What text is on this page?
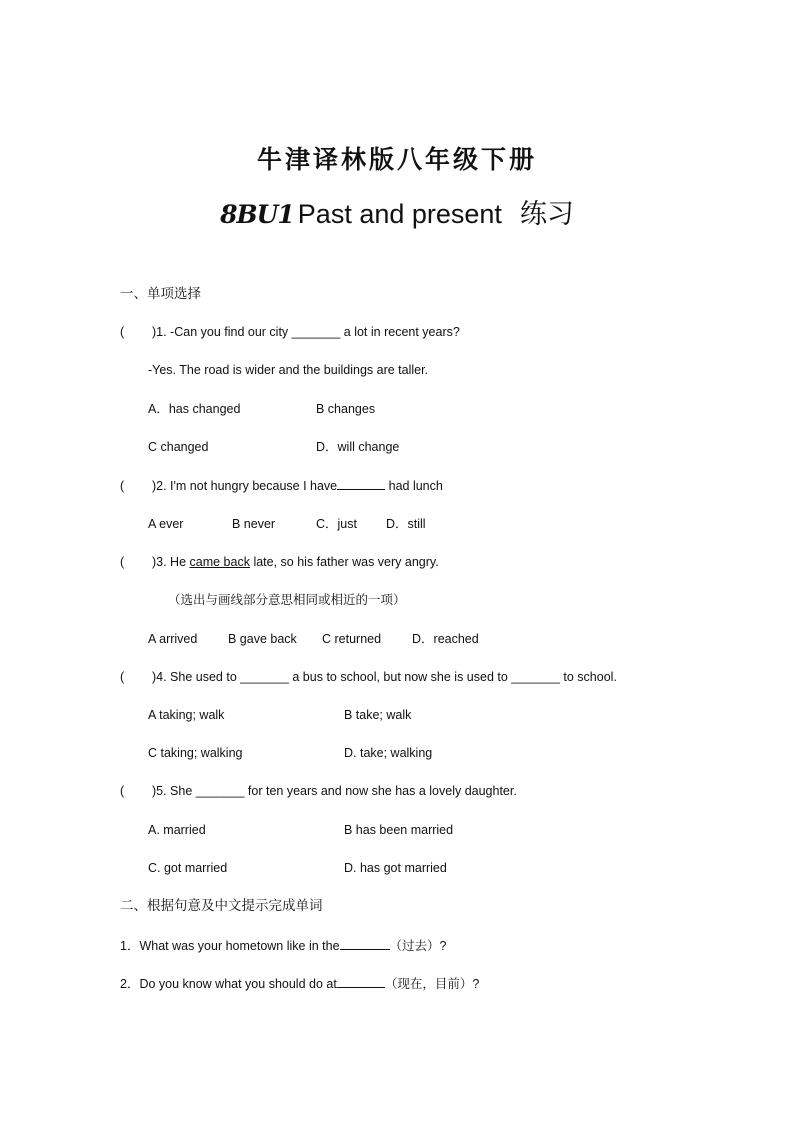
牛津译林版八年级下册
8BU1 Past and present 练习
一、单项选择
( )1. -Can you find our city _______ a lot in recent years?
-Yes. The road is wider and the buildings are taller.
A．has changed	B changes
C changed	D．will change
( )2. I'm not hungry because I have	had lunch
A ever	B never	C．just D．still
( )3. He came back late, so his father was very angry.
（选出与画线部分意思相同或相近的一项）
A arrived B gave back C returned D．reached
( )4. She used to _______ a bus to school, but now she is used to _______ to school.
A taking; walk	B take; walk
C taking; walking	D. take; walking
( )5. She _______ for ten years and now she has a lovely daughter.
A. married	B has been married
C. got married	D. has got married
二、根据句意及中文提示完成单词
1．What was your hometown like in the	（过去）?
2．Do you know what you should do at	（现在，目前）?
